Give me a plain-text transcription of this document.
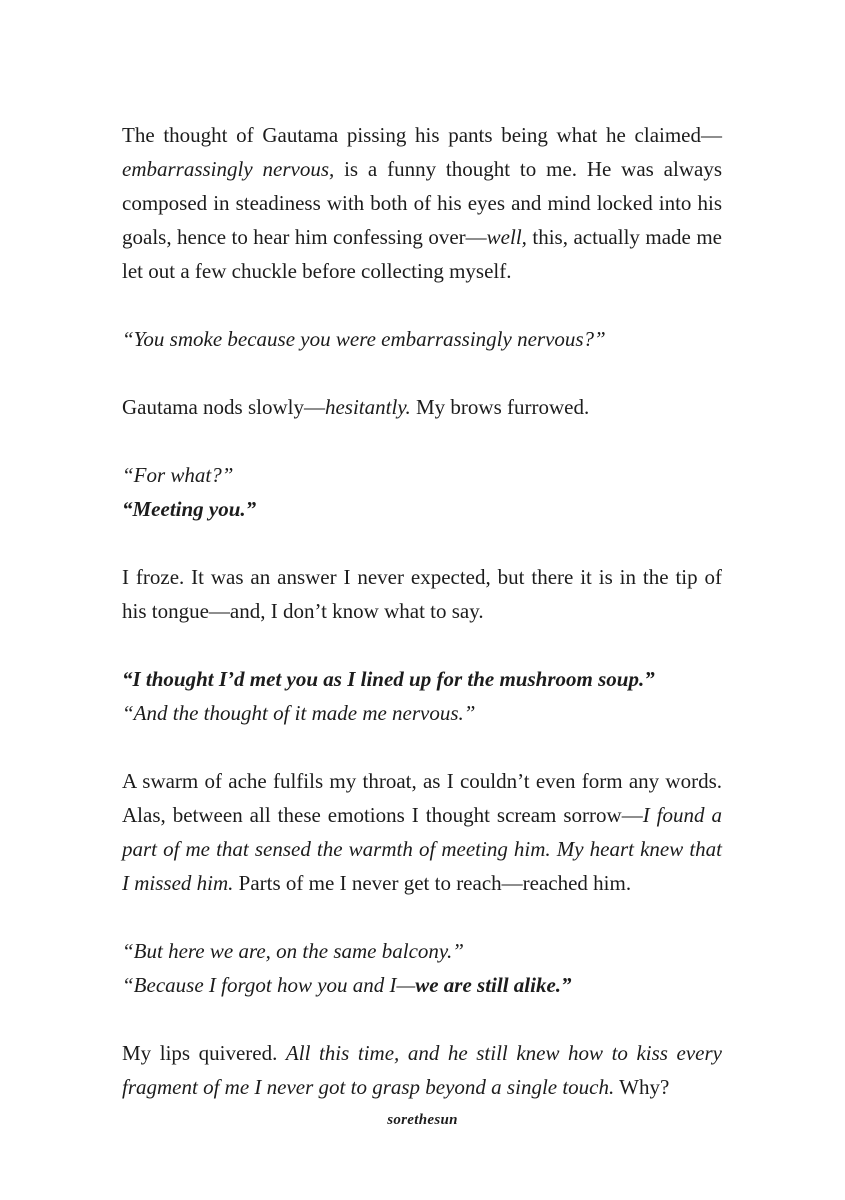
The thought of Gautama pissing his pants being what he claimed—embarrassingly nervous, is a funny thought to me. He was always composed in steadiness with both of his eyes and mind locked into his goals, hence to hear him confessing over—well, this, actually made me let out a few chuckle before collecting myself.

“You smoke because you were embarrassingly nervous?”

Gautama nods slowly—hesitantly. My brows furrowed.

“For what?”

“Meeting you.”

I froze. It was an answer I never expected, but there it is in the tip of his tongue—and, I don’t know what to say.

“I thought I’d met you as I lined up for the mushroom soup.”

“And the thought of it made me nervous.”

A swarm of ache fulfils my throat, as I couldn’t even form any words. Alas, between all these emotions I thought scream sorrow—I found a part of me that sensed the warmth of meeting him. My heart knew that I missed him. Parts of me I never get to reach—reached him.

“But here we are, on the same balcony.”

“Because I forgot how you and I—we are still alike.”

My lips quivered. All this time, and he still knew how to kiss every fragment of me I never got to grasp beyond a single touch. Why?

sorethesun
